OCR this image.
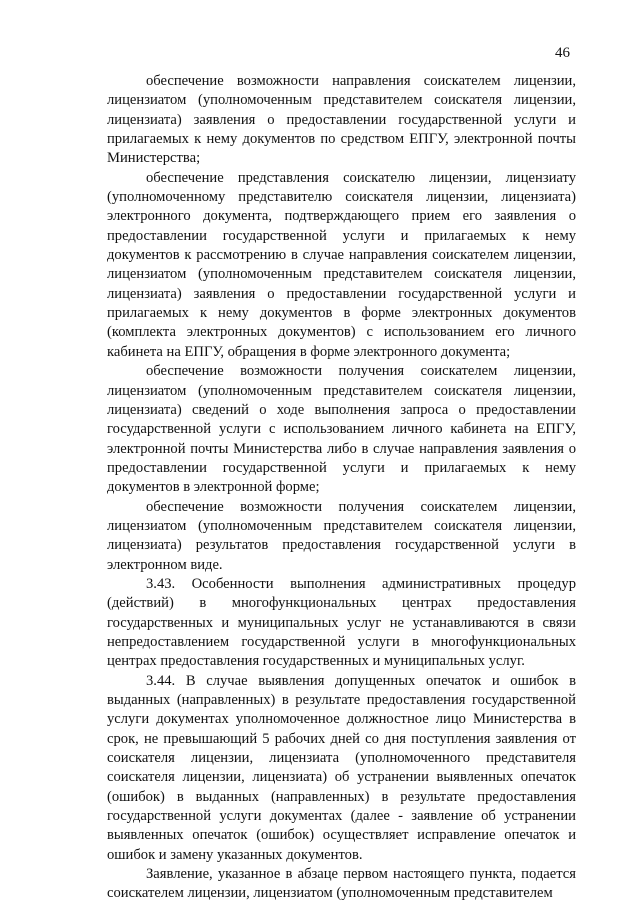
46

обеспечение возможности направления соискателем лицензии, лицензиатом (уполномоченным представителем соискателя лицензии, лицензиата) заявления о предоставлении государственной услуги и прилагаемых к нему документов по средством ЕПГУ, электронной почты Министерства;

обеспечение представления соискателю лицензии, лицензиату (уполномоченному представителю соискателя лицензии, лицензиата) электронного документа, подтверждающего прием его заявления о предоставлении государственной услуги и прилагаемых к нему документов к рассмотрению в случае направления соискателем лицензии, лицензиатом (уполномоченным представителем соискателя лицензии, лицензиата) заявления о предоставлении государственной услуги и прилагаемых к нему документов в форме электронных документов (комплекта электронных документов) с использованием его личного кабинета на ЕПГУ, обращения в форме электронного документа;

обеспечение возможности получения соискателем лицензии, лицензиатом (уполномоченным представителем соискателя лицензии, лицензиата) сведений о ходе выполнения запроса о предоставлении государственной услуги с использованием личного кабинета на ЕПГУ, электронной почты Министерства либо в случае направления заявления о предоставлении государственной услуги и прилагаемых к нему документов в электронной форме;

обеспечение возможности получения соискателем лицензии, лицензиатом (уполномоченным представителем соискателя лицензии, лицензиата) результатов предоставления государственной услуги в электронном виде.

3.43. Особенности выполнения административных процедур (действий) в многофункциональных центрах предоставления государственных и муниципальных услуг не устанавливаются в связи непредоставлением государственной услуги в многофункциональных центрах предоставления государственных и муниципальных услуг.

3.44. В случае выявления допущенных опечаток и ошибок в выданных (направленных) в результате предоставления государственной услуги документах уполномоченное должностное лицо Министерства в срок, не превышающий 5 рабочих дней со дня поступления заявления от соискателя лицензии, лицензиата (уполномоченного представителя соискателя лицензии, лицензиата) об устранении выявленных опечаток (ошибок) в выданных (направленных) в результате предоставления государственной услуги документах (далее - заявление об устранении выявленных опечаток (ошибок) осуществляет исправление опечаток и ошибок и замену указанных документов.

Заявление, указанное в абзаце первом настоящего пункта, подается соискателем лицензии, лицензиатом (уполномоченным представителем
